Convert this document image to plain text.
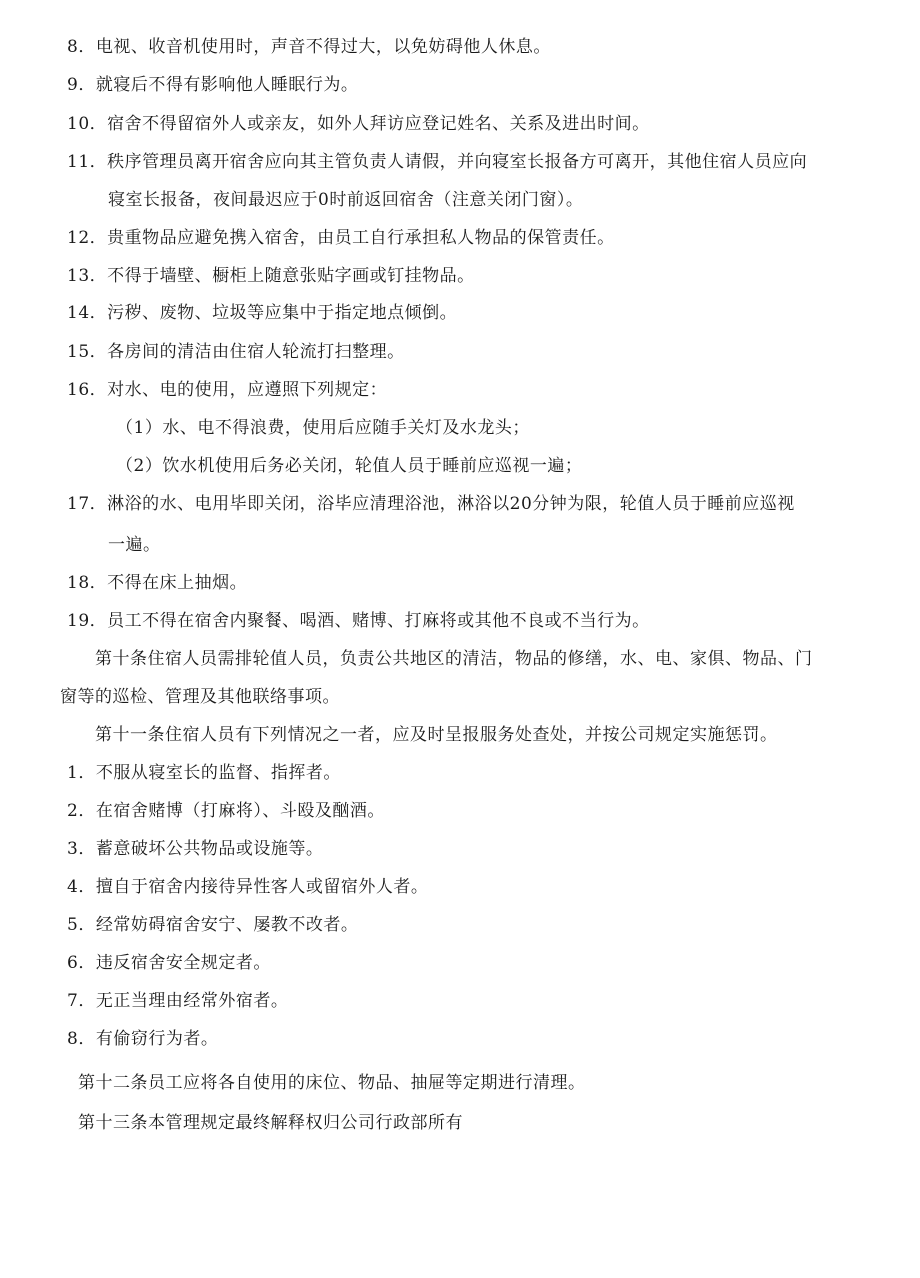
8．电视、收音机使用时，声音不得过大，以免妨碍他人休息。
9．就寝后不得有影响他人睡眠行为。
10．宿舍不得留宿外人或亲友，如外人拜访应登记姓名、关系及进出时间。
11．秩序管理员离开宿舍应向其主管负责人请假，并向寝室长报备方可离开，其他住宿人员应向
寝室长报备，夜间最迟应于0时前返回宿舍（注意关闭门窗）。
12．贵重物品应避免携入宿舍，由员工自行承担私人物品的保管责任。
13．不得于墙壁、橱柜上随意张贴字画或钉挂物品。
14．污秽、废物、垃圾等应集中于指定地点倾倒。
15．各房间的清洁由住宿人轮流打扫整理。
16．对水、电的使用，应遵照下列规定：
（1）水、电不得浪费，使用后应随手关灯及水龙头；
（2）饮水机使用后务必关闭，轮值人员于睡前应巡视一遍；
17．淋浴的水、电用毕即关闭，浴毕应清理浴池，淋浴以20分钟为限，轮值人员于睡前应巡视
一遍。
18．不得在床上抽烟。
19．员工不得在宿舍内聚餐、喝酒、赌博、打麻将或其他不良或不当行为。
第十条住宿人员需排轮值人员，负责公共地区的清洁，物品的修缮，水、电、家俱、物品、门
窗等的巡检、管理及其他联络事项。
第十一条住宿人员有下列情况之一者，应及时呈报服务处查处，并按公司规定实施惩罚。
1．不服从寝室长的监督、指挥者。
2．在宿舍赌博（打麻将）、斗殴及酗酒。
3．蓄意破坏公共物品或设施等。
4．擅自于宿舍内接待异性客人或留宿外人者。
5．经常妨碍宿舍安宁、屡教不改者。
6．违反宿舍安全规定者。
7．无正当理由经常外宿者。
8．有偷窃行为者。
第十二条员工应将各自使用的床位、物品、抽屉等定期进行清理。
第十三条本管理规定最终解释权归公司行政部所有
